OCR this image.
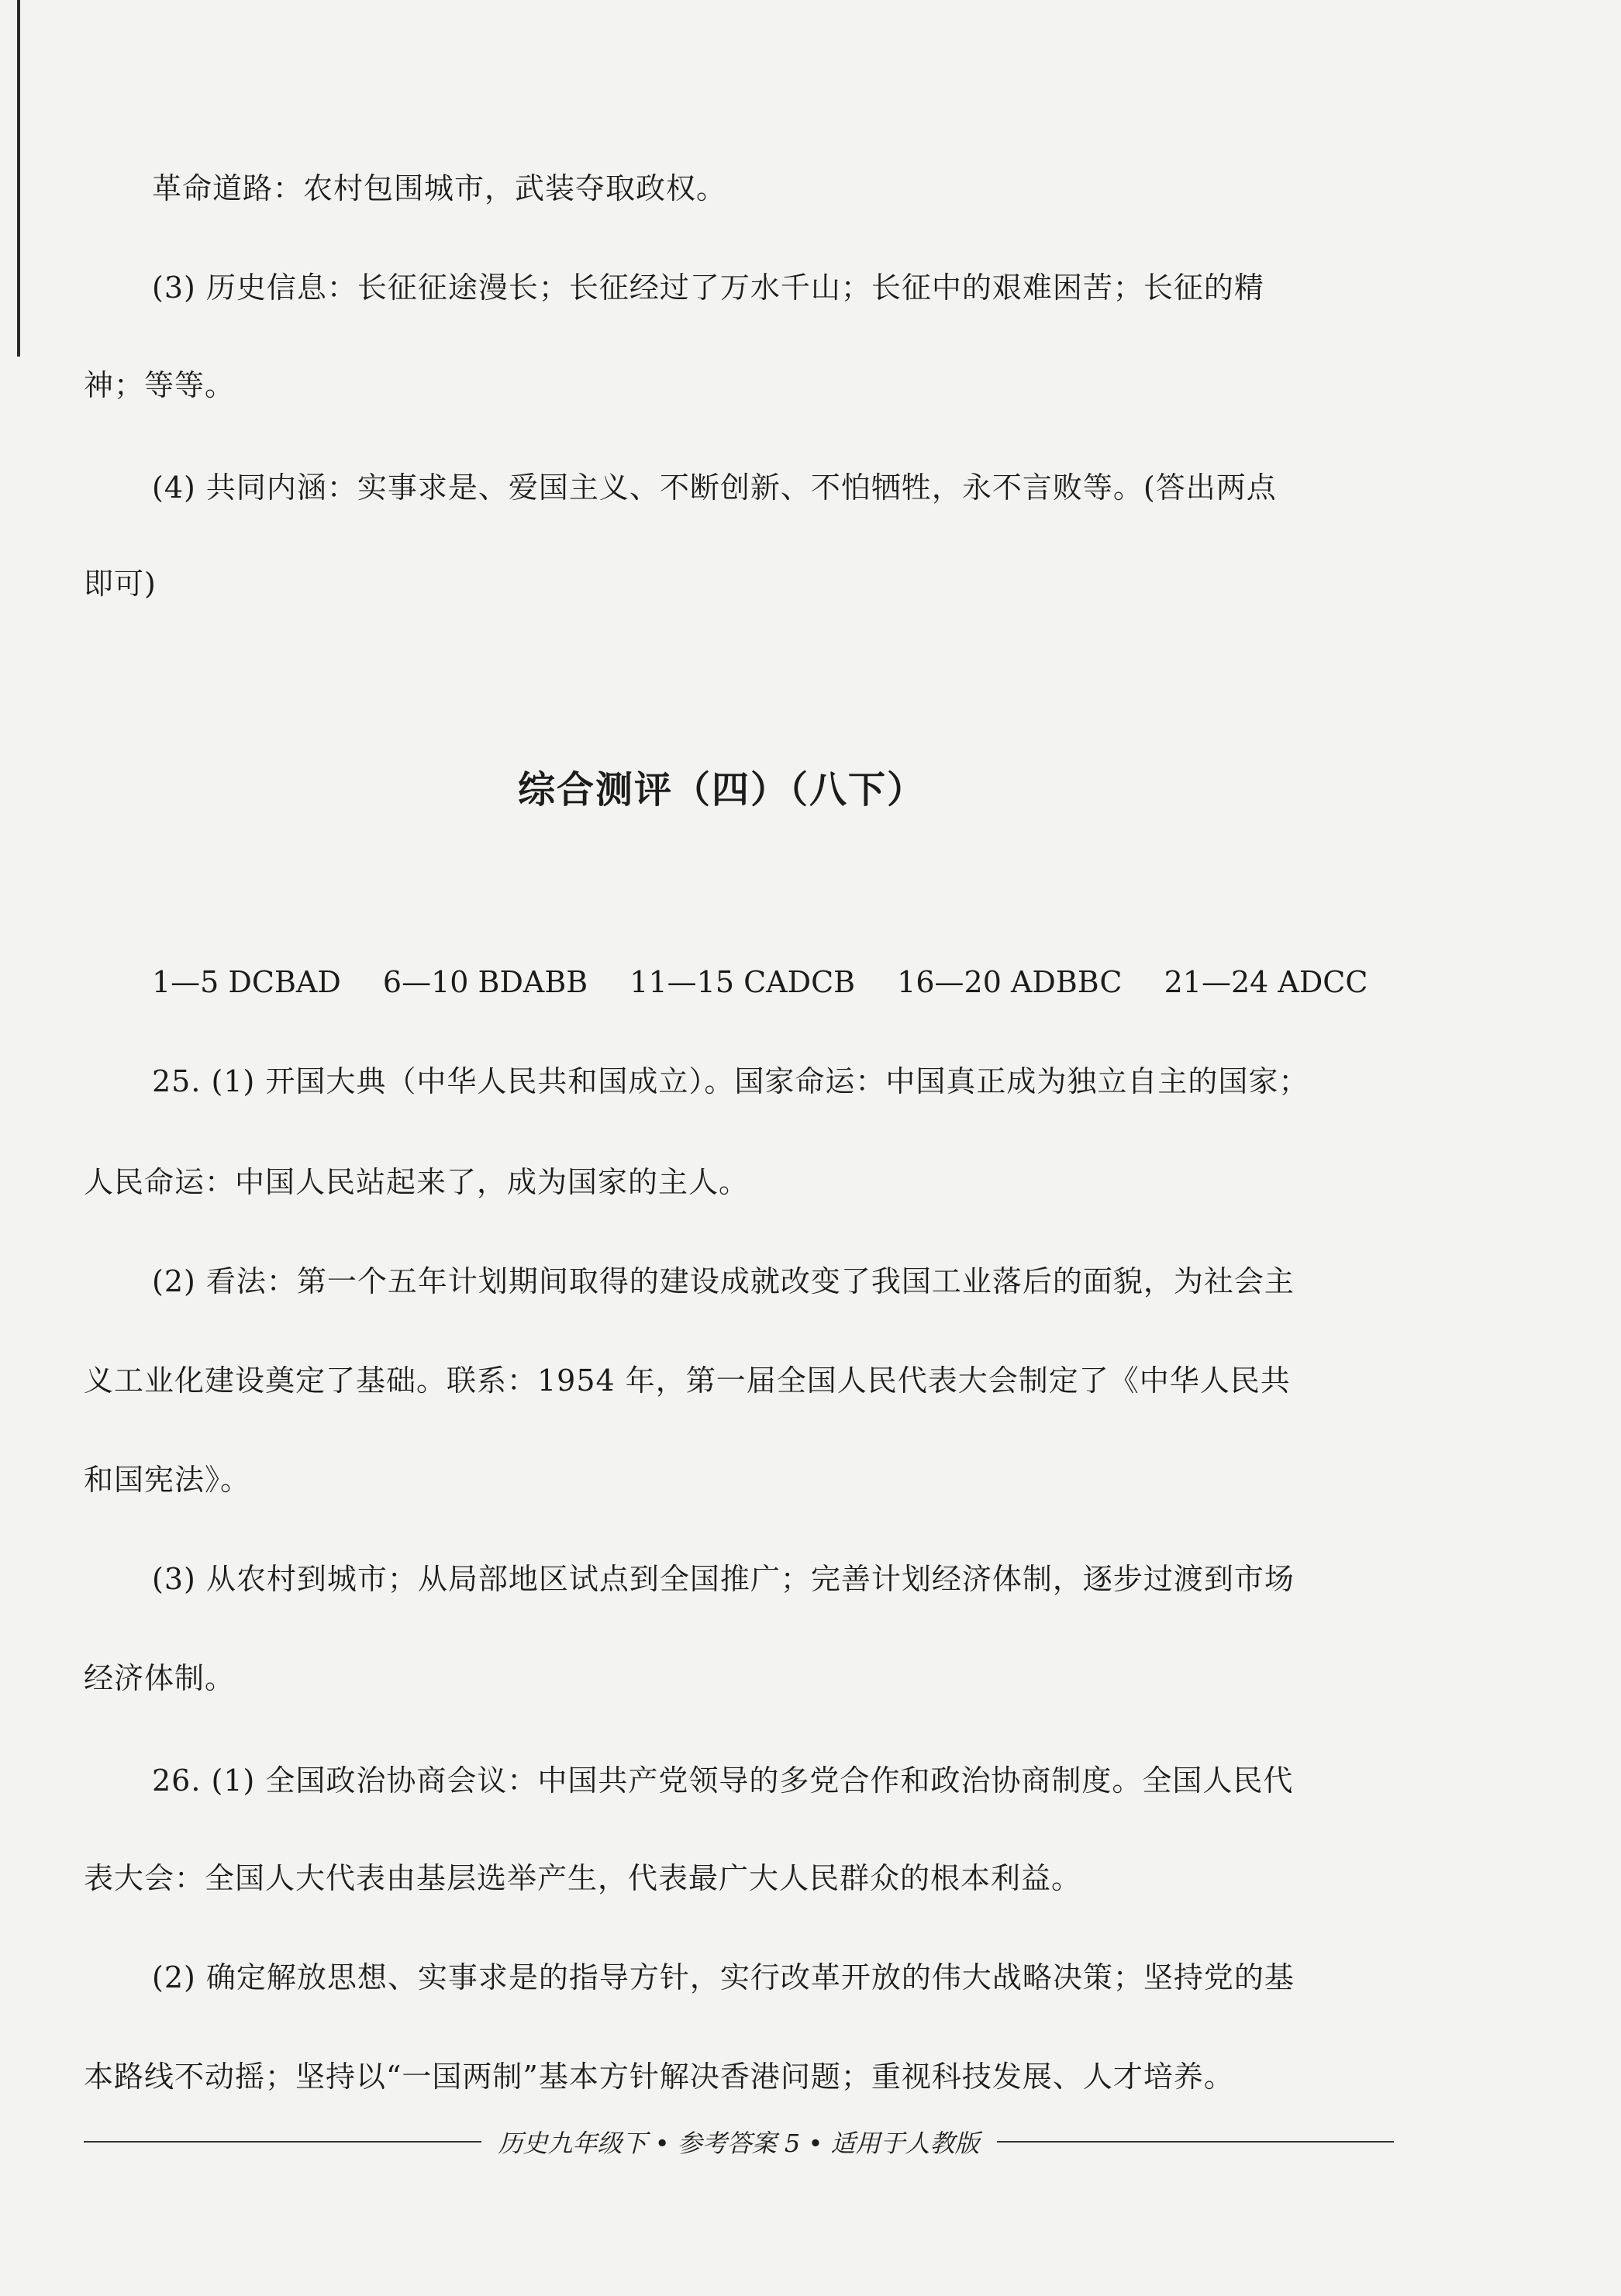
革命道路：农村包围城市，武装夺取政权。
(3) 历史信息：长征征途漫长；长征经过了万水千山；长征中的艰难困苦；长征的精
神；等等。
(4) 共同内涵：实事求是、爱国主义、不断创新、不怕牺牲，永不言败等。(答出两点
即可)
综合测评（四）（八下）
1—5 DCBAD 6—10 BDABB 11—15 CADCB 16—20 ADBBC 21—24 ADCC
25. (1) 开国大典（中华人民共和国成立）。国家命运：中国真正成为独立自主的国家；
人民命运：中国人民站起来了，成为国家的主人。
(2) 看法：第一个五年计划期间取得的建设成就改变了我国工业落后的面貌，为社会主
义工业化建设奠定了基础。联系：1954 年，第一届全国人民代表大会制定了《中华人民共
和国宪法》。
(3) 从农村到城市；从局部地区试点到全国推广；完善计划经济体制，逐步过渡到市场
经济体制。
26. (1) 全国政治协商会议：中国共产党领导的多党合作和政治协商制度。全国人民代
表大会：全国人大代表由基层选举产生，代表最广大人民群众的根本利益。
(2) 确定解放思想、实事求是的指导方针，实行改革开放的伟大战略决策；坚持党的基
本路线不动摇；坚持以“一国两制”基本方针解决香港问题；重视科技发展、人才培养。
历史九年级下 • 参考答案 5 • 适用于人教版
